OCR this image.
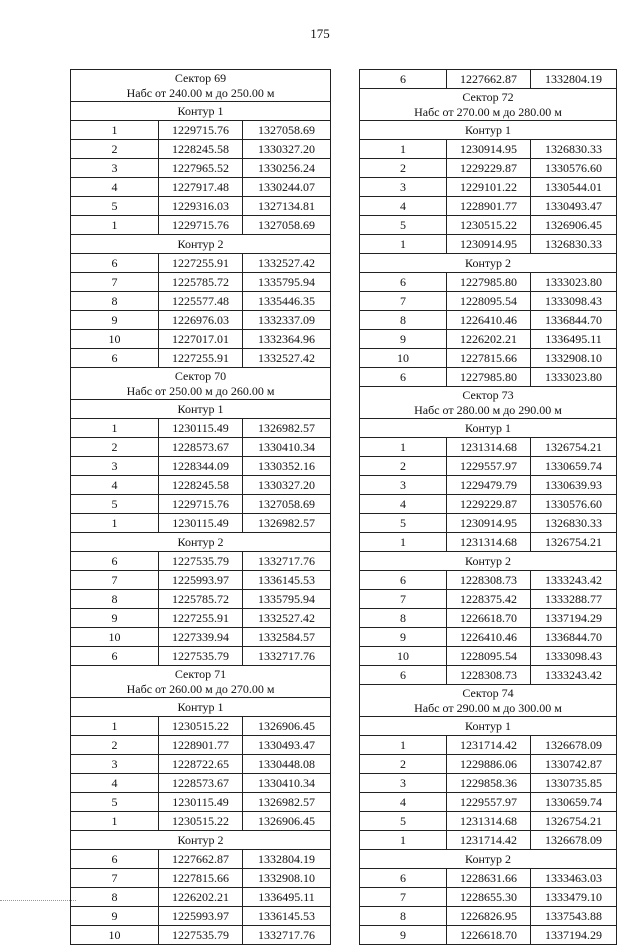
175
Сектор 69
Набс от 240.00 м до 250.00 м		

Контур 1		
1	1229715.76	1327058.69
2	1228245.58	1330327.20
3	1227965.52	1330256.24
4	1227917.48	1330244.07
5	1229316.03	1327134.81
1	1229715.76	1327058.69
Контур 2		
6	1227255.91	1332527.42
7	1225785.72	1335795.94
8	1225577.48	1335446.35
9	1226976.03	1332337.09
10	1227017.01	1332364.96
6	1227255.91	1332527.42

Сектор 70
Набс от 250.00 м до 260.00 м		

Контур 1		
1	1230115.49	1326982.57
2	1228573.67	1330410.34
3	1228344.09	1330352.16
4	1228245.58	1330327.20
5	1229715.76	1327058.69
1	1230115.49	1326982.57
Контур 2		
6	1227535.79	1332717.76
7	1225993.97	1336145.53
8	1225785.72	1335795.94
9	1227255.91	1332527.42
10	1227339.94	1332584.57
6	1227535.79	1332717.76

Сектор 71
Набс от 260.00 м до 270.00 м		

Контур 1		
1	1230515.22	1326906.45
2	1228901.77	1330493.47
3	1228722.65	1330448.08
4	1228573.67	1330410.34
5	1230115.49	1326982.57
1	1230515.22	1326906.45
Контур 2		
6	1227662.87	1332804.19
7	1227815.66	1332908.10
8	1226202.21	1336495.11
9	1225993.97	1336145.53
10	1227535.79	1332717.76
6	1227662.87	1332804.19

Сектор 72
Набс от 270.00 м до 280.00 м		

Контур 1		
1	1230914.95	1326830.33
2	1229229.87	1330576.60
3	1229101.22	1330544.01
4	1228901.77	1330493.47
5	1230515.22	1326906.45
1	1230914.95	1326830.33
Контур 2		
6	1227985.80	1333023.80
7	1228095.54	1333098.43
8	1226410.46	1336844.70
9	1226202.21	1336495.11
10	1227815.66	1332908.10
6	1227985.80	1333023.80

Сектор 73
Набс от 280.00 м до 290.00 м		

Контур 1		
1	1231314.68	1326754.21
2	1229557.97	1330659.74
3	1229479.79	1330639.93
4	1229229.87	1330576.60
5	1230914.95	1326830.33
1	1231314.68	1326754.21
Контур 2		
6	1228308.73	1333243.42
7	1228375.42	1333288.77
8	1226618.70	1337194.29
9	1226410.46	1336844.70
10	1228095.54	1333098.43
6	1228308.73	1333243.42

Сектор 74
Набс от 290.00 м до 300.00 м		

Контур 1		
1	1231714.42	1326678.09
2	1229886.06	1330742.87
3	1229858.36	1330735.85
4	1229557.97	1330659.74
5	1231314.68	1326754.21
1	1231714.42	1326678.09
Контур 2		
6	1228631.66	1333463.03
7	1228655.30	1333479.10
8	1226826.95	1337543.88
9	1226618.70	1337194.29
